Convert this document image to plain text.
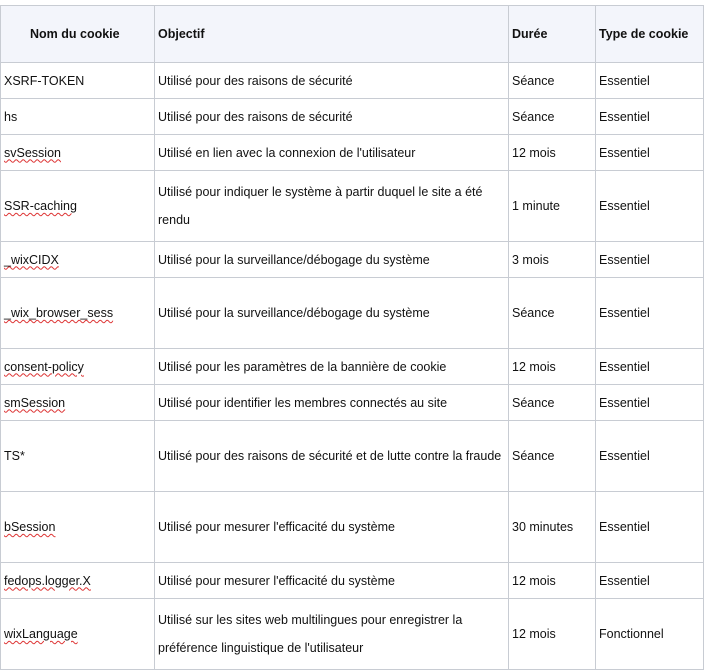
Nom du cookie	Objectif	Durée	Type de cookie

XSRF-TOKEN	Utilisé pour des raisons de sécurité	Séance	Essentiel

hs	Utilisé pour des raisons de sécurité	Séance	Essentiel

svSession	Utilisé en lien avec la connexion de l'utilisateur	12 mois	Essentiel

SSR-caching	Utilisé pour indiquer le système à partir duquel le site a été rendu	1 minute	Essentiel

_wixCIDX	Utilisé pour la surveillance/débogage du système	3 mois	Essentiel

_wix_browser_sess	Utilisé pour la surveillance/débogage du système	Séance	Essentiel

consent-policy	Utilisé pour les paramètres de la bannière de cookie	12 mois	Essentiel

smSession	Utilisé pour identifier les membres connectés au site	Séance	Essentiel

TS*	Utilisé pour des raisons de sécurité et de lutte contre la fraude	Séance	Essentiel

bSession	Utilisé pour mesurer l'efficacité du système	30 minutes	Essentiel

fedops.logger.X	Utilisé pour mesurer l'efficacité du système	12 mois	Essentiel

wixLanguage	Utilisé sur les sites web multilingues pour enregistrer la préférence linguistique de l'utilisateur	12 mois	Fonctionnel
